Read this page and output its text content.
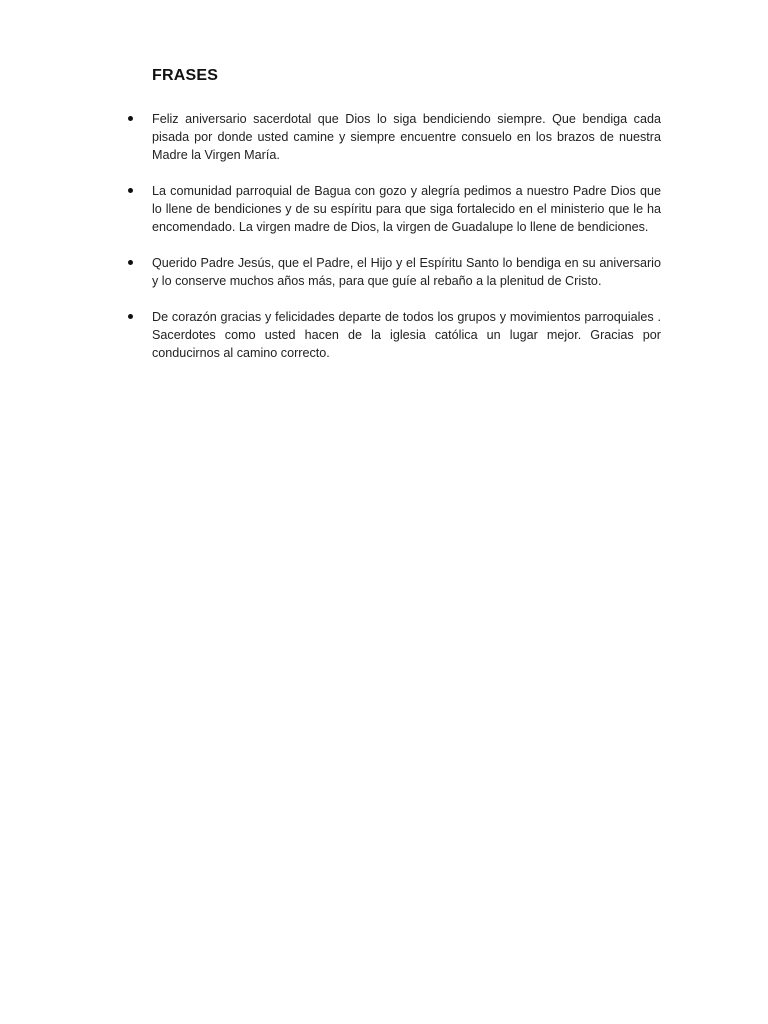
FRASES
Feliz aniversario sacerdotal que Dios lo siga bendiciendo siempre. Que bendiga cada pisada por donde usted camine y siempre encuentre consuelo en los brazos de nuestra Madre la Virgen María.
La comunidad parroquial de Bagua con gozo y alegría pedimos a nuestro Padre Dios que lo llene de bendiciones y de su espíritu para que siga fortalecido en el ministerio que le ha encomendado. La virgen madre de Dios, la virgen de Guadalupe lo llene de bendiciones.
Querido Padre Jesús, que el Padre, el Hijo y el Espíritu Santo lo bendiga en su aniversario y lo conserve muchos años más, para que guíe al rebaño a la plenitud de Cristo.
De corazón gracias y felicidades departe de todos los grupos y movimientos parroquiales . Sacerdotes como usted hacen de la iglesia católica un lugar mejor. Gracias por conducirnos al camino correcto.
